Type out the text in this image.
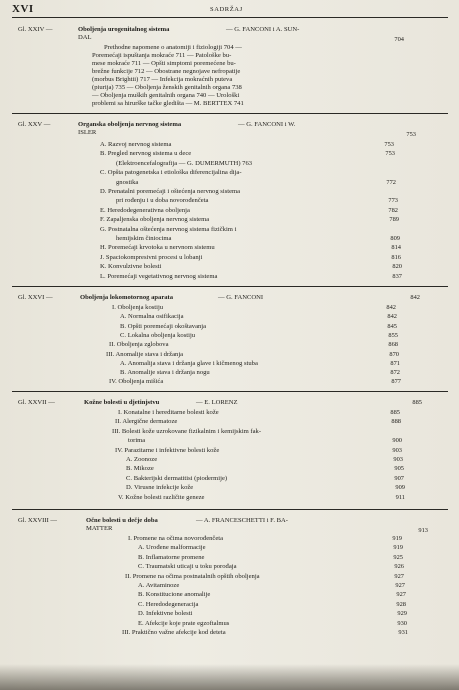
XVI	SADRŽAJ
Gl. XXIV —	Oboljenja urogenitalnog sistema	— G. FANCONI i A. SUN-
DAL	704
Prethodne napomene o anatomiji i fiziologiji 704 —
Poremećaji ispuštanja mokraće 711 — Patološke bu-
mese mokraće 711 — Opšti simptomi poremećene bu-
brežne funkcije 712 — Obostrane negnojave nefropatije
(morbus Brightii) 717 — Infekcija mokraćnih puteva
(piurija) 735 — Oboljenja ženskih genitalnih organa 738
— Oboljenja muških genitalnih organa 740 — Urološki
problemi sa hirurške tačke gledišta — M. BERTTEX 741
Gl. XXV —	Organska oboljenja nervnog sistema	— G. FANCONI i W.
ISLER	753
A. Razvoj nervnog sistema	753
B. Pregled nervnog sistema u dece	753
(Elektroencefalografija — G. DUMERMUTH) 763
C. Opšta patogenetska i etiološka diferencijalina dija-
gnostika	772
D. Prenatalni poremećaji i oštećenja nervnog sistema
pri rođenju i u doba novorođenčeta	773
E. Heredodegenerativna oboljenja	782
F. Zapaljenska oboljenja nervnog sistema	789
G. Postnatalna oštećenja nervnog sistema fizičkim i
hemijskim činiocima	809
H. Poremećaji krvotoka u nervnom sistemu	814
J. Spaciokompresivni procesi u lobanji	816
K. Konvulzivne bolesti	820
L. Poremećaji vegetativnog nervnog sistema	837
Gl. XXVI —	Oboljenja lokomotornog aparata	— G. FANCONI	842
I. Oboljenja kostiju	842
A. Normalna osifikacija	842
B. Opšti poremećaji okoštavanja	845
C. Lokalna oboljenja kostiju	855
II. Oboljenja zglobova	868
III. Anomalije stava i držanja	870
A. Anomalija stava i držanja glave i kičmenog stuba	871
B. Anomalije stava i držanja nogu	872
IV. Oboljenja mišića	877
Gl. XXVII —	Kožne bolesti u djetinjstvu	— E. LORENZ	885
I. Konatalne i hereditarne bolesti kože	885
II. Alergične dermatoze	888
III. Bolesti kože uzrokovane fizikalnim i kemijskim fak-
torima	900
IV. Parazitarne i infektivne bolesti kože	903
A. Zoonoze	903
B. Mikoze	905
C. Bakterijski dermatitisi (piodermije)	907
D. Virusne infekcije kože	909
V. Kožne bolesti različite geneze	911
Gl. XXVIII —	Očne bolesti u dečje doba	— A. FRANCESCHETTI i F. BA-
MATTER	913
I. Promene na očima novorođenčeta	919
A. Urođene malformacije	919
B. Inflamatorne promene	925
C. Traumatski uticaji u toku porođaja	926
II. Promene na očima postnatalnih opštih oboljenja	927
A. Avitaminoze	927
B. Konstitucione anomalije	927
C. Heredodegeneracija	928
D. Infektivne bolesti	929
E. Afekcije koje prate egzoftalmus	930
III. Praktično važne afekcije kod deteta	931
